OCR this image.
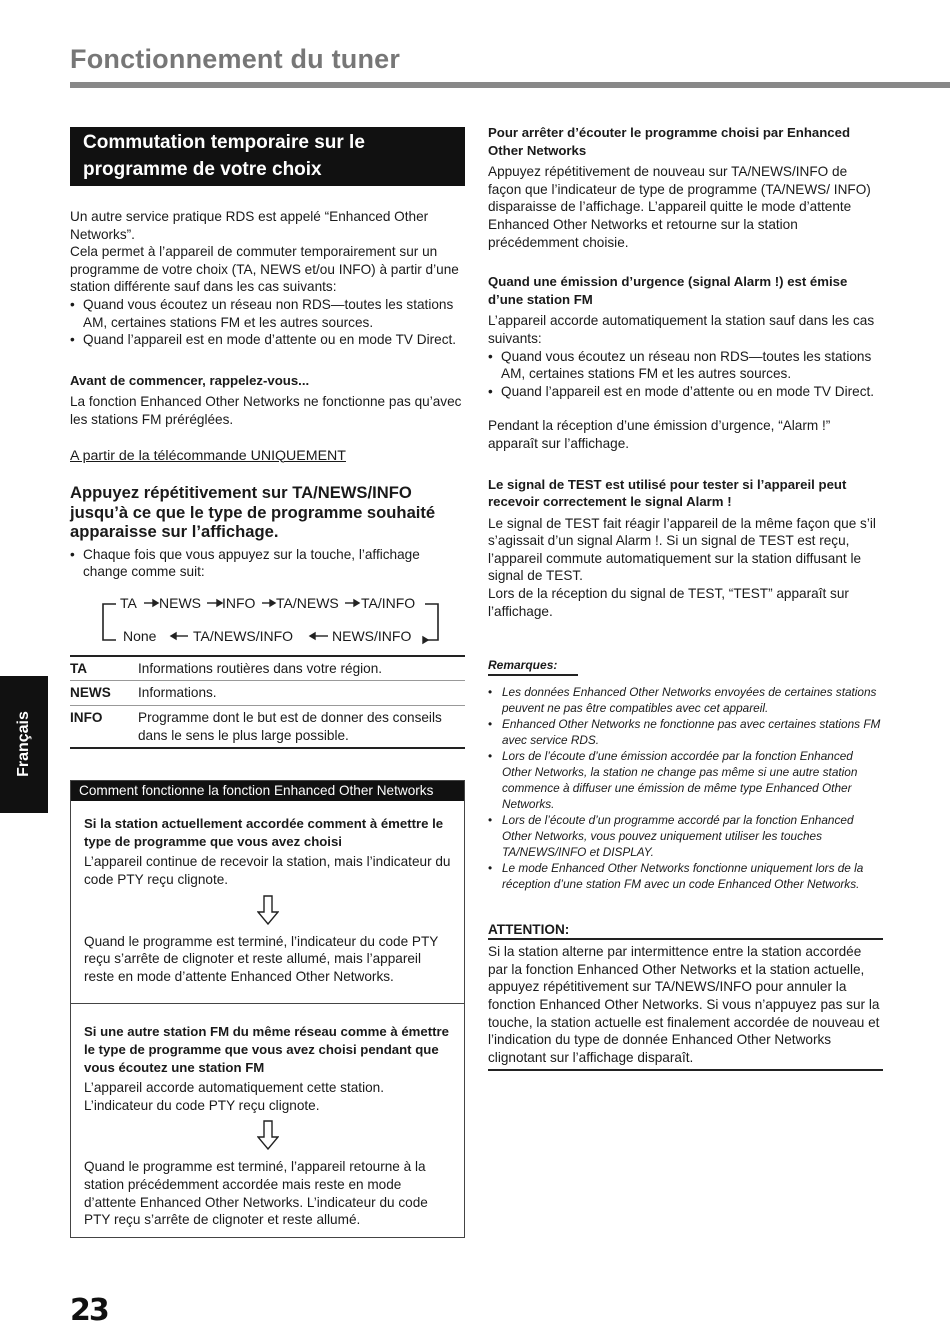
Fonctionnement du tuner
Commutation temporaire sur le programme de votre choix

Un autre service pratique RDS est appelé “Enhanced Other Networks”.

Cela permet à l’appareil de commuter temporairement sur un programme de votre choix (TA, NEWS et/ou INFO) à partir d’une station différente sauf dans les cas suivants:

• Quand vous écoutez un réseau non RDS—toutes les stations AM, certaines stations FM et les autres sources.
• Quand l’appareil est en mode d’attente ou en mode TV Direct.

Avant de commencer, rappelez-vous...

La fonction Enhanced Other Networks ne fonctionne pas qu’avec les stations FM préréglées.

A partir de la télécommande UNIQUEMENT

Appuyez répétitivement sur TA/NEWS/INFO jusqu’à ce que le type de programme souhaité apparaisse sur l’affichage.

• Chaque fois que vous appuyez sur la touche, l’affichage change comme suit:
TA NEWS INFO TA/NEWS TA/INFO
None	TA/NEWS/INFO	NEWS/INFO
TA	Informations routières dans votre région.
NEWS	Informations.
INFO	Programme dont le but est de donner des conseils dans le sens le plus large possible.
Comment fonctionne la fonction Enhanced Other Networks

Si la station actuellement accordée comment à émettre le type de programme que vous avez choisi

L’appareil continue de recevoir la station, mais l’indicateur du code PTY reçu clignote.

Quand le programme est terminé, l’indicateur du code PTY reçu s’arrête de clignoter et reste allumé, mais l’appareil reste en mode d’attente Enhanced Other Networks.

Si une autre station FM du même réseau comme à émettre le type de programme que vous avez choisi pendant que vous écoutez une station FM

L’appareil accorde automatiquement cette station. L’indicateur du code PTY reçu clignote.

Quand le programme est terminé, l’appareil retourne à la station précédemment accordée mais reste en mode d’attente Enhanced Other Networks. L’indicateur du code PTY reçu s’arrête de clignoter et reste allumé.

Pour arrêter d’écouter le programme choisi par Enhanced Other Networks

Appuyez répétitivement de nouveau sur TA/NEWS/INFO de façon que l’indicateur de type de programme (TA/NEWS/ INFO) disparaisse de l’affichage. L’appareil quitte le mode d’attente Enhanced Other Networks et retourne sur la station précédemment choisie.

Quand une émission d’urgence (signal Alarm !) est émise d’une station FM

L’appareil accorde automatiquement la station sauf dans les cas suivants:

• Quand vous écoutez un réseau non RDS—toutes les stations AM, certaines stations FM et les autres sources.
• Quand l’appareil est en mode d’attente ou en mode TV Direct.

Pendant la réception d’une émission d’urgence, “Alarm !” apparaît sur l’affichage.

Le signal de TEST est utilisé pour tester si l’appareil peut recevoir correctement le signal Alarm !

Le signal de TEST fait réagir l’appareil de la même façon que s’il s’agissait d’un signal Alarm !. Si un signal de TEST est reçu, l’appareil commute automatiquement sur la station diffusant le signal de TEST.

Lors de la réception du signal de TEST, “TEST” apparaît sur l’affichage.

Remarques:
• Les données Enhanced Other Networks envoyées de certaines stations peuvent ne pas être compatibles avec cet appareil.
• Enhanced Other Networks ne fonctionne pas avec certaines stations FM avec service RDS.
• Lors de l’écoute d’une émission accordée par la fonction Enhanced Other Networks, la station ne change pas même si une autre station commence à diffuser une émission de même type Enhanced Other Networks.
• Lors de l’écoute d’un programme accordé par la fonction Enhanced Other Networks, vous pouvez uniquement utiliser les touches TA/NEWS/INFO et DISPLAY.
• Le mode Enhanced Other Networks fonctionne uniquement lors de la réception d’une station FM avec un code Enhanced Other Networks.
ATTENTION:

Si la station alterne par intermittence entre la station accordée par la fonction Enhanced Other Networks et la station actuelle, appuyez répétitivement sur TA/NEWS/INFO pour annuler la fonction Enhanced Other Networks. Si vous n’appuyez pas sur la touche, la station actuelle est finalement accordée de nouveau et l’indication du type de donnée Enhanced Other Networks clignotant sur l’affichage disparaît.

Français
23
